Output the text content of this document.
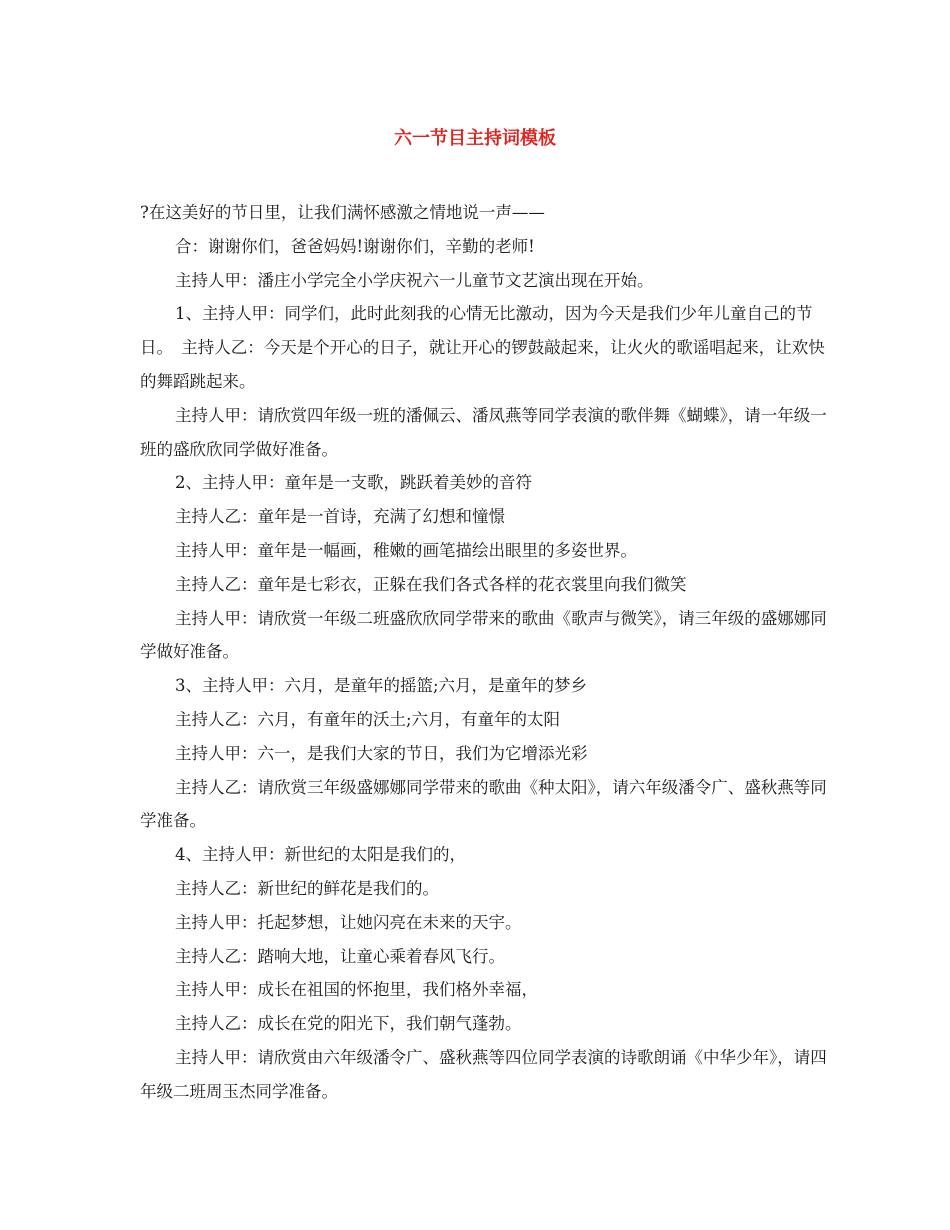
六一节目主持词模板

?在这美好的节日里，让我们满怀感激之情地说一声——

合：谢谢你们，爸爸妈妈!谢谢你们，辛勤的老师!

主持人甲：潘庄小学完全小学庆祝六一儿童节文艺演出现在开始。

1、主持人甲：同学们，此时此刻我的心情无比激动，因为今天是我们少年儿童自己的节日。　主持人乙：今天是个开心的日子，就让开心的锣鼓敲起来，让火火的歌谣唱起来，让欢快的舞蹈跳起来。

主持人甲：请欣赏四年级一班的潘佩云、潘凤燕等同学表演的歌伴舞《蝴蝶》，请一年级一班的盛欣欣同学做好准备。

2、主持人甲：童年是一支歌，跳跃着美妙的音符

主持人乙：童年是一首诗，充满了幻想和憧憬

主持人甲：童年是一幅画，稚嫩的画笔描绘出眼里的多姿世界。

主持人乙：童年是七彩衣，正躲在我们各式各样的花衣裳里向我们微笑

主持人甲：请欣赏一年级二班盛欣欣同学带来的歌曲《歌声与微笑》，请三年级的盛娜娜同学做好准备。

3、主持人甲：六月，是童年的摇篮;六月，是童年的梦乡

主持人乙：六月，有童年的沃土;六月，有童年的太阳

主持人甲：六一，是我们大家的节日，我们为它增添光彩

主持人乙：请欣赏三年级盛娜娜同学带来的歌曲《种太阳》，请六年级潘令广、盛秋燕等同学准备。

4、主持人甲：新世纪的太阳是我们的，

主持人乙：新世纪的鲜花是我们的。

主持人甲：托起梦想，让她闪亮在未来的天宇。

主持人乙：踏响大地，让童心乘着春风飞行。

主持人甲：成长在祖国的怀抱里，我们格外幸福，

主持人乙：成长在党的阳光下，我们朝气蓬勃。

主持人甲：请欣赏由六年级潘令广、盛秋燕等四位同学表演的诗歌朗诵《中华少年》，请四年级二班周玉杰同学准备。
